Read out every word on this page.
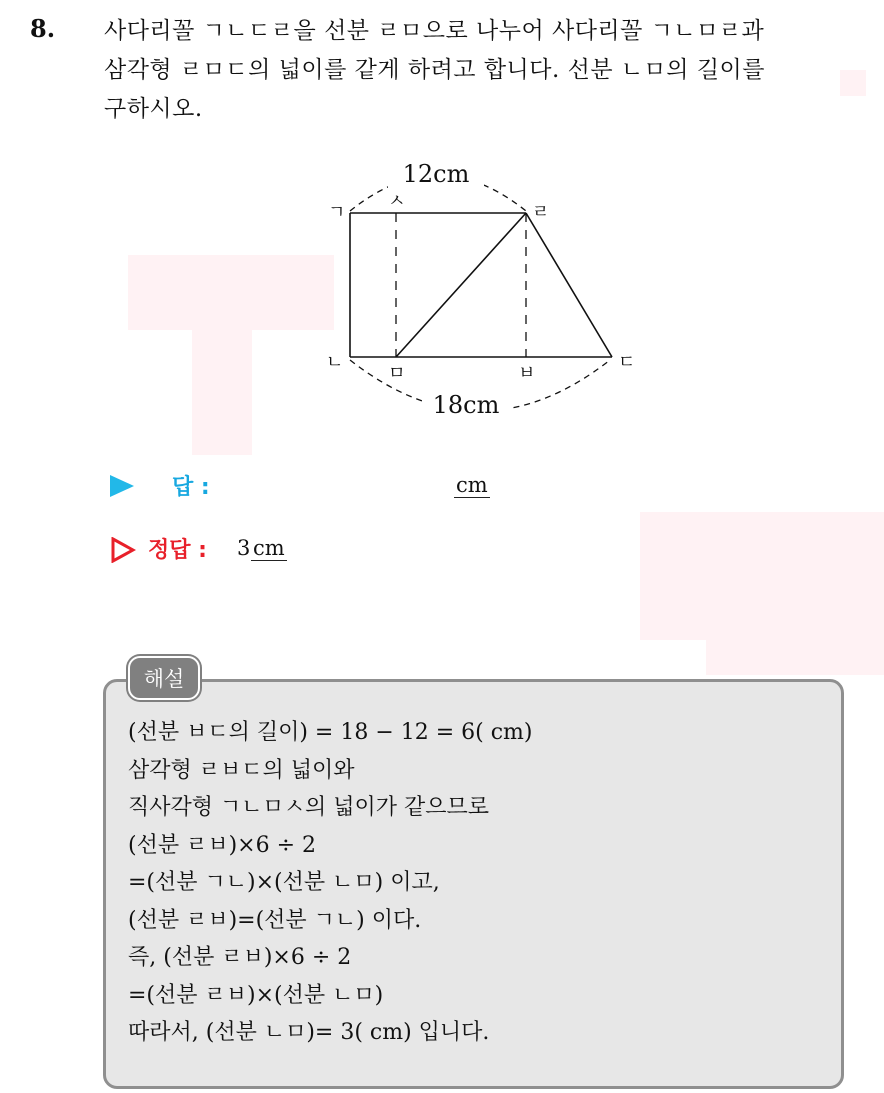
8. 사다리꼴 ㄱㄴㄷㄹ을 선분 ㄹㅁ으로 나누어 사다리꼴 ㄱㄴㅁㄹ과
삼각형 ㄹㅁㄷ의 넓이를 같게 하려고 합니다. 선분 ㄴㅁ의 길이를
구하시오.
12cm
18cm
ㄱ
ㅅ
ㄹ
ㄴ
ㅁ	ㅂ
ㄷ
답 :	cm
정답 : 3 cm
해설
(선분 ㅂㄷ의 길이) = 18 − 12 = 6( cm)
삼각형 ㄹㅂㄷ의 넓이와
직사각형 ㄱㄴㅁㅅ의 넓이가 같으므로
(선분 ㄹㅂ)×6 ÷ 2
=(선분 ㄱㄴ)×(선분 ㄴㅁ) 이고,
(선분 ㄹㅂ)=(선분 ㄱㄴ) 이다.
즉, (선분 ㄹㅂ)×6 ÷ 2
=(선분 ㄹㅂ)×(선분 ㄴㅁ)
따라서, (선분 ㄴㅁ)= 3( cm) 입니다.
